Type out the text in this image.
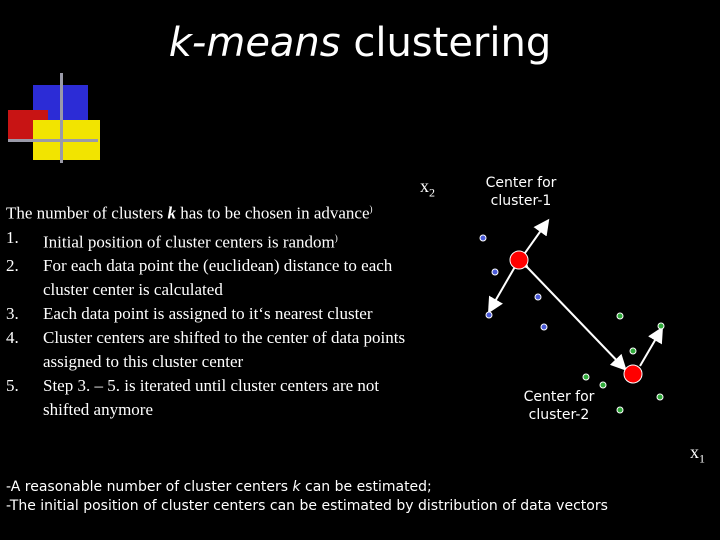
k-means clustering
The number of clusters k has to be chosen in advance)
1. Initial position of cluster centers is random)
2. For each data point the (euclidean) distance to each cluster center is calculated
3. Each data point is assigned to it‘s nearest cluster
4. Cluster centers are shifted to the center of data points assigned to this cluster center
5. Step 3. – 5. is iterated until cluster centers are not shifted anymore
$x_2$
$x_1$
Center for
cluster-1
Center for
cluster-2
-A reasonable number of cluster centers k can be estimated;
-The initial position of cluster centers can be estimated by distribution of data vectors
